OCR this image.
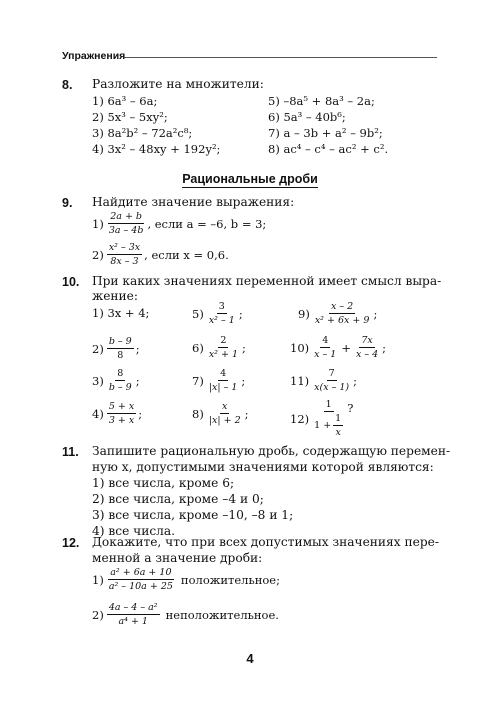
Упражнения
8. Разложите на множители:
1) 6a³ – 6a;
2) 5x³ – 5xy²;
3) 8a²b² – 72a²c⁸;
4) 3x² – 48xy + 192y²;
5) –8a⁵ + 8a³ – 2a;
6) 5a³ – 40b⁶;
7) a – 3b + a² – 9b²;
8) ac⁴ – c⁴ – ac² + c².
Рациональные дроби
9. Найдите значение выражения:
1) 2a + b
3a – 4b , если a = –6, b = 3;
2) x² – 3x
8x – 3 , если x = 0,6.
10. При каких значениях переменной имеет смысл выра-
жение:
1) 3x + 4;
2) b – 9
8 ;
3) 8
b – 9 ;
4) 5 + x
3 + x ;
5) 3
x² – 1 ;
6) 2
x² + 1 ;
7) 4
|x| – 1 ;
8) x
|x| + 2 ;
9) x – 2
x² + 6x + 9 ;
10) 4
$x - 1 + \frac{7x}{x - 4}$ ;
11) 7
x(x – 1) ;
12)
1
$1 + \frac{1}{x}$
?
11. Запишите рациональную дробь, содержащую перемен-
ную x, допустимыми значениями которой являются:
1) все числа, кроме 6;
2) все числа, кроме –4 и 0;
3) все числа, кроме –10, –8 и 1;
4) все числа.
12. Докажите, что при всех допустимых значениях пере-
менной a значение дроби:
1) a² + 6a + 10
a² – 10a + 25 положительное;
2) 4a – 4 – a²
a⁴ + 1 неположительное.
4
